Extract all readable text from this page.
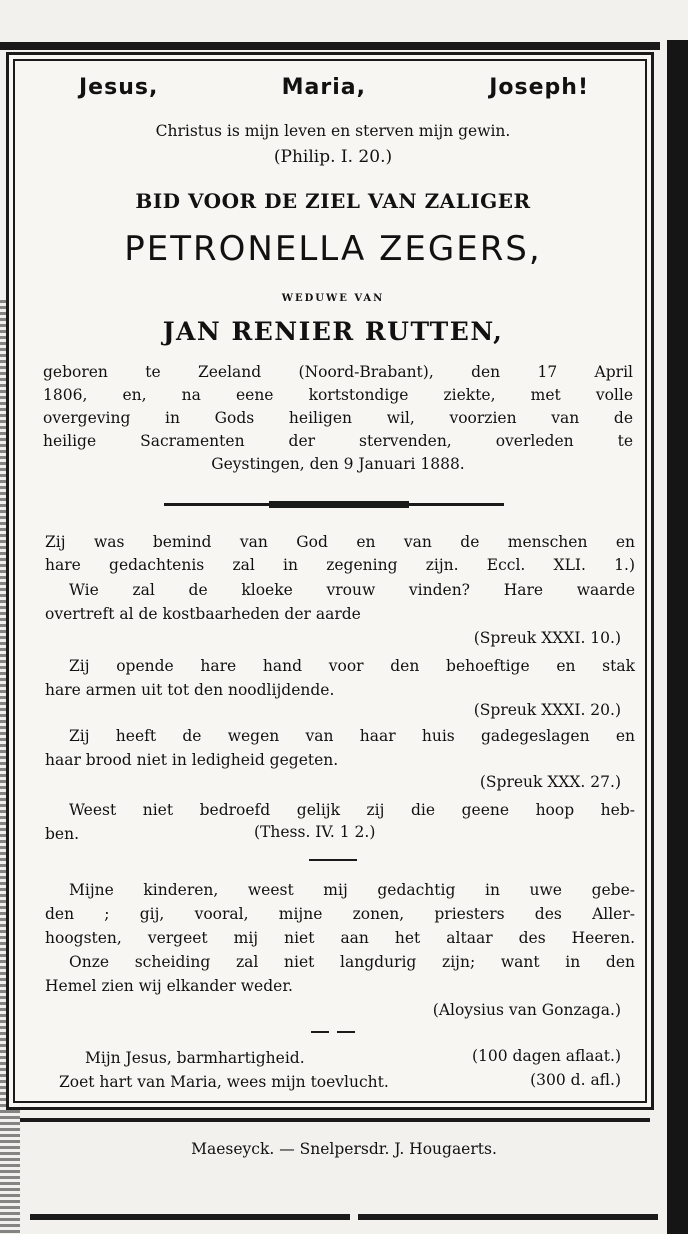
Jesus,	Maria,	Joseph!
Christus is mijn leven en sterven mijn gewin.
(Philip. I. 20.)
BID VOOR DE ZIEL VAN ZALIGER
PETRONELLA ZEGERS,
WEDUWE VAN
JAN RENIER RUTTEN,
geboren te Zeeland (Noord-Brabant), den 17 April
1806, en, na eene kortstondige ziekte, met volle
overgeving in Gods heiligen wil, voorzien van de
heilige Sacramenten der stervenden, overleden te
Geystingen, den 9 Januari 1888.
Zij was bemind van God en van de menschen en
hare gedachtenis zal in zegening zijn. Eccl. XLI. 1.)
Wie zal de kloeke vrouw vinden? Hare waarde
overtreft al de kostbaarheden der aarde
(Spreuk XXXI. 10.)
Zij opende hare hand voor den behoeftige en stak
hare armen uit tot den noodlijdende.
(Spreuk XXXI. 20.)
Zij heeft de wegen van haar huis gadegeslagen en
haar brood niet in ledigheid gegeten.
(Spreuk XXX. 27.)
Weest niet bedroefd gelijk zij die geene hoop heb-
ben.	(Thess. IV. 1 2.)
Mijne kinderen, weest mij gedachtig in uwe gebe-
den ; gij, vooral, mijne zonen, priesters des Aller-
hoogsten, vergeet mij niet aan het altaar des Heeren.
Onze scheiding zal niet langdurig zijn; want in den
Hemel zien wij elkander weder.
(Aloysius van Gonzaga.)
Mijn Jesus, barmhartigheid.	(100 dagen aflaat.)
Zoet hart van Maria, wees mijn toevlucht.	(300 d. afl.)
Maeseyck. — Snelpersdr. J. Hougaerts.
